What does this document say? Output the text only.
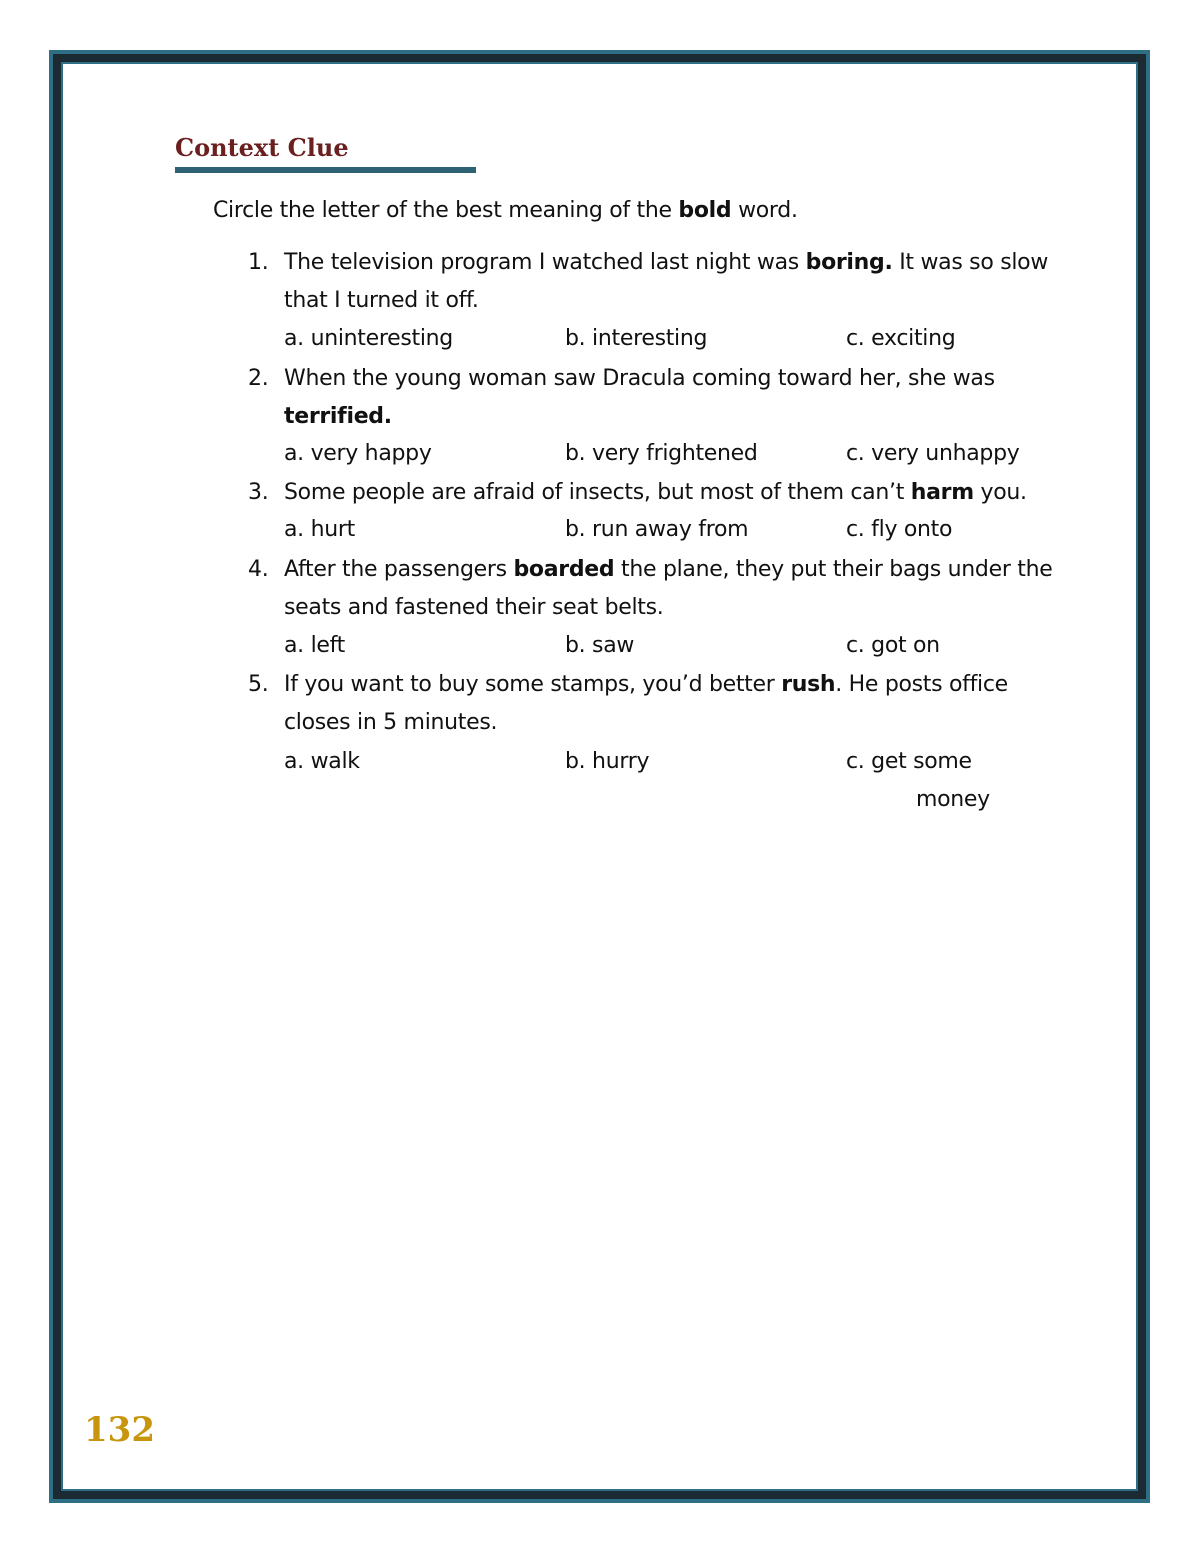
Context Clue
Circle the letter of the best meaning of the bold word.
1. The television program I watched last night was boring. It was so slow
that I turned it off.
a. uninteresting	b. interesting	c. exciting
2. When the young woman saw Dracula coming toward her, she was
terrified.
a. very happy	b. very frightened	c. very unhappy
3. Some people are afraid of insects, but most of them can’t harm you.
a. hurt	b. run away from	c. fly onto
4. After the passengers boarded the plane, they put their bags under the
seats and fastened their seat belts.
a. left	b. saw	c. got on
5. If you want to buy some stamps, you’d better rush. He posts office
closes in 5 minutes.
a. walk	b. hurry	c. get some
money
132
